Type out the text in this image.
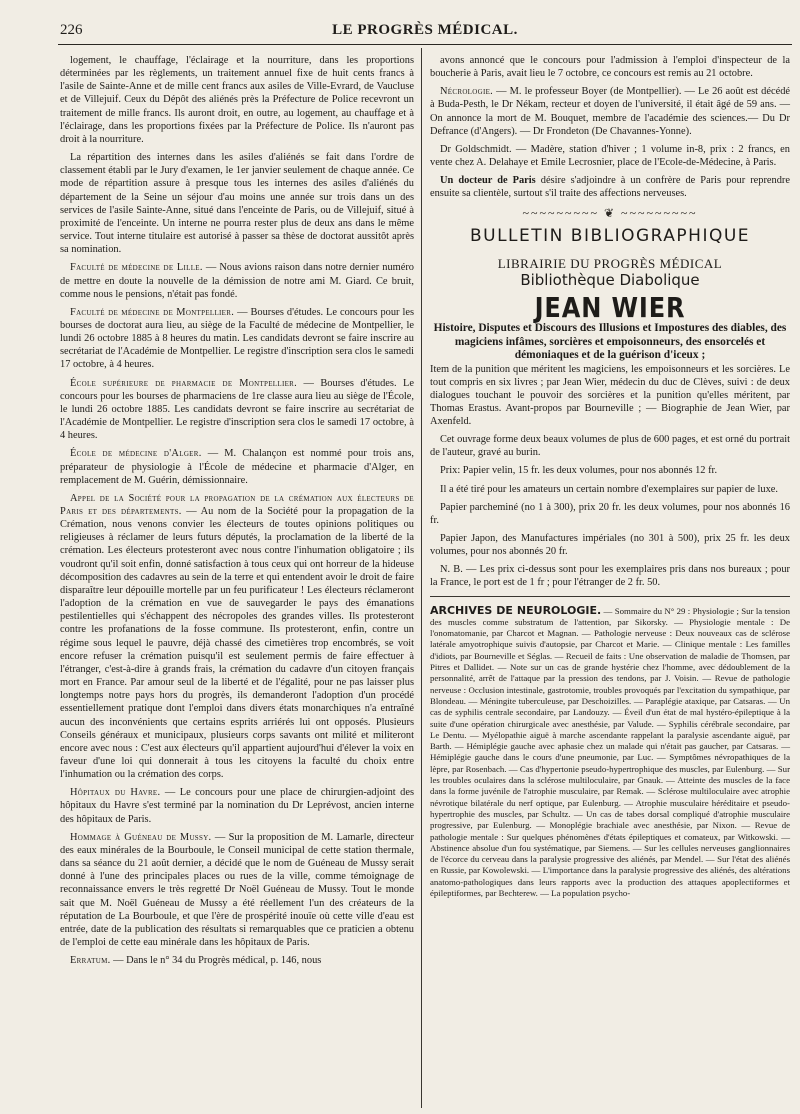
226	LE PROGRÈS MÉDICAL.

logement, le chauffage, l'éclairage et la nourriture, dans les proportions déterminées par les règlements, un traitement annuel fixe de huit cents francs à l'asile de Sainte-Anne et de mille cent francs aux asiles de Ville-Evrard, de Vaucluse et de Villejuif. Ceux du Dépôt des aliénés près la Préfecture de Police recevront un traitement de mille francs. Ils auront droit, en outre, au logement, au chauffage et à l'éclairage, dans les proportions fixées par la Préfecture de Police. Ils n'auront pas droit à la nourriture.

La répartition des internes dans les asiles d'aliénés se fait dans l'ordre de classement établi par le Jury d'examen, le 1er janvier seulement de chaque année. Ce mode de répartition assure à presque tous les internes des asiles d'aliénés du département de la Seine un séjour d'au moins une année sur trois dans un des services de l'asile Sainte-Anne, situé dans l'enceinte de Paris, ou de Villejuif, situé à proximité de l'enceinte. Un interne ne pourra rester plus de deux ans dans le même service. Tout interne titulaire est autorisé à passer sa thèse de doctorat aussitôt après sa nomination.

Faculté de médecine de Lille. — Nous avions raison dans notre dernier numéro de mettre en doute la nouvelle de la démission de notre ami M. Giard. Ce bruit, comme nous le pensions, n'était pas fondé.

Faculté de médecine de Montpellier. — Bourses d'études. Le concours pour les bourses de doctorat aura lieu, au siège de la Faculté de médecine de Montpellier, le lundi 26 octobre 1885 à 8 heures du matin. Les candidats devront se faire inscrire au secrétariat de l'Académie de Montpellier. Le registre d'inscription sera clos le samedi 17 octobre, à 4 heures.

École supérieure de pharmacie de Montpellier. — Bourses d'études. Le concours pour les bourses de pharmaciens de 1re classe aura lieu au siège de l'École, le lundi 26 octobre 1885. Les candidats devront se faire inscrire au secrétariat de l'Académie de Montpellier. Le registre d'inscription sera clos le samedi 17 octobre, à 4 heures.

École de médecine d'Alger. — M. Chalançon est nommé pour trois ans, préparateur de physiologie à l'École de médecine et pharmacie d'Alger, en remplacement de M. Guérin, démissionnaire.

Appel de la Société pour la propagation de la crémation aux électeurs de Paris et des départements. — Au nom de la Société pour la propagation de la Crémation, nous venons convier les électeurs de toutes opinions politiques ou religieuses à réclamer de leurs futurs députés, la proclamation de la liberté de la crémation. Les électeurs protesteront avec nous contre l'inhumation obligatoire ; ils voudront qu'il soit enfin, donné satisfaction à tous ceux qui ont horreur de la hideuse décomposition des cadavres au sein de la terre et qui entendent avoir le droit de faire disparaître leur dépouille mortelle par un feu purificateur ! Les électeurs réclameront l'adoption de la crémation en vue de sauvegarder le pays des émanations pestilentielles qui s'échappent des nécropoles des grandes villes. Ils protesteront contre les profanations de la fosse commune. Ils protesteront, enfin, contre un régime sous lequel le pauvre, déjà chassé des cimetières trop encombrés, se voit encore refuser la crémation puisqu'il est seulement permis de faire effectuer à l'étranger, c'est-à-dire à grands frais, la crémation du cadavre d'un citoyen français mort en France. Par amour seul de la liberté et de l'égalité, pour ne pas laisser plus longtemps notre pays hors du progrès, ils demanderont l'adoption d'un procédé essentiellement pratique dont l'emploi dans divers états monarchiques n'a entraîné aucun des inconvénients que certains esprits arriérés lui ont opposés. Plusieurs Conseils généraux et municipaux, plusieurs corps savants ont milité et militeront encore avec nous : C'est aux électeurs qu'il appartient aujourd'hui d'élever la voix en faveur d'une loi qui donnerait à tous les citoyens la faculté du choix entre l'inhumation ou la crémation des corps.

Hôpitaux du Havre. — Le concours pour une place de chirurgien-adjoint des hôpitaux du Havre s'est terminé par la nomination du Dr Leprévost, ancien interne des hôpitaux de Paris.

Hommage à Guéneau de Mussy. — Sur la proposition de M. Lamarle, directeur des eaux minérales de la Bourboule, le Conseil municipal de cette station thermale, dans sa séance du 21 août dernier, a décidé que le nom de Guéneau de Mussy serait donné à l'une des principales places ou rues de la ville, comme témoignage de reconnaissance envers le très regretté Dr Noël Guéneau de Mussy. Tout le monde sait que M. Noël Guéneau de Mussy a été réellement l'un des créateurs de la réputation de La Bourboule, et que l'ère de prospérité inouïe où cette ville d'eau est entrée, date de la publication des résultats si remarquables que ce praticien a obtenu de l'emploi de cette eau minérale dans les hôpitaux de Paris.

Erratum. — Dans le n° 34 du Progrès médical, p. 146, nous

avons annoncé que le concours pour l'admission à l'emploi d'inspecteur de la boucherie à Paris, avait lieu le 7 octobre, ce concours est remis au 21 octobre.

Nécrologie. — M. le professeur Boyer (de Montpellier). — Le 26 août est décédé à Buda-Pesth, le Dr Nékam, recteur et doyen de l'université, il était âgé de 59 ans. — On annonce la mort de M. Bouquet, membre de l'académie des sciences.— Du Dr Defrance (d'Angers). — Dr Frondeton (De Chavannes-Yonne).

Dr Goldschmidt. — Madère, station d'hiver ; 1 volume in-8, prix : 2 francs, en vente chez A. Delahaye et Emile Lecrosnier, place de l'Ecole-de-Médecine, à Paris.

Un docteur de Paris désire s'adjoindre à un confrère de Paris pour reprendre ensuite sa clientèle, surtout s'il traite des affections nerveuses.

~~~~~~~~~ ❦ ~~~~~~~~~
BULLETIN BIBLIOGRAPHIQUE
LIBRAIRIE DU PROGRÈS MÉDICAL
Bibliothèque Diabolique
JEAN WIER
Histoire, Disputes et Discours des Illusions et Impostures des diables, des magiciens infâmes, sorcières et empoisonneurs, des ensorcelés et démoniaques et de la guérison d'iceux ;
Item de la punition que méritent les magiciens, les empoisonneurs et les sorcières. Le tout compris en six livres ; par Jean Wier, médecin du duc de Clèves, suivi : de deux dialogues touchant le pouvoir des sorcières et la punition qu'elles méritent, par Thomas Erastus. Avant-propos par Bourneville ; — Biographie de Jean Wier, par Axenfeld.

Cet ouvrage forme deux beaux volumes de plus de 600 pages, et est orné du portrait de l'auteur, gravé au burin.

Prix: Papier velin, 15 fr. les deux volumes, pour nos abonnés 12 fr.

Il a été tiré pour les amateurs un certain nombre d'exemplaires sur papier de luxe.

Papier parcheminé (no 1 à 300), prix 20 fr. les deux volumes, pour nos abonnés 16 fr.

Papier Japon, des Manufactures impériales (no 301 à 500), prix 25 fr. les deux volumes, pour nos abonnés 20 fr.

N. B. — Les prix ci-dessus sont pour les exemplaires pris dans nos bureaux ; pour la France, le port est de 1 fr ; pour l'étranger de 2 fr. 50.

ARCHIVES DE NEUROLOGIE. — Sommaire du N° 29 : Physiologie ; Sur la tension des muscles comme substratum de l'attention, par Sikorsky. — Physiologie mentale : De l'onomatomanie, par Charcot et Magnan. — Pathologie nerveuse : Deux nouveaux cas de sclérose latérale amyotrophique suivis d'autopsie, par Charcot et Marie. — Clinique mentale : Les familles d'idiots, par Bourneville et Séglas. — Recueil de faits : Une observation de maladie de Thomsen, par Pitres et Dallidet. — Note sur un cas de grande hystérie chez l'homme, avec dédoublement de la personnalité, arrêt de l'attaque par la pression des tendons, par J. Voisin. — Revue de pathologie nerveuse : Occlusion intestinale, gastrotomie, troubles provoqués par l'excitation du sympathique, par Blondeau. — Méningite tuberculeuse, par Deschoizilles. — Paraplégie ataxique, par Catsaras. — Un cas de syphilis centrale secondaire, par Landouzy. — Éveil d'un état de mal hystéro-épileptique à la suite d'une opération chirurgicale avec anesthésie, par Valude. — Syphilis cérébrale secondaire, par Le Dentu. — Myélopathie aiguë à marche ascendante rappelant la paralysie ascendante aiguë, par Barth. — Hémiplégie gauche avec aphasie chez un malade qui n'était pas gaucher, par Catsaras. — Hémiplégie gauche dans le cours d'une pneumonie, par Luc. — Symptômes névropathiques de la lèpre, par Rosenbach. — Cas d'hypertonie pseudo-hypertrophique des muscles, par Eulenburg. — Sur les troubles oculaires dans la sclérose multiloculaire, par Gnauk. — Atteinte des muscles de la face dans la forme juvénile de l'atrophie musculaire, par Remak. — Sclérose multiloculaire avec atrophie névrotique bilatérale du nerf optique, par Eulenburg. — Atrophie musculaire héréditaire et pseudo-hypertrophie des muscles, par Schultz. — Un cas de tabes dorsal compliqué d'atrophie musculaire progressive, par Eulenburg. — Monoplégie brachiale avec anesthésie, par Nixon. — Revue de pathologie mentale : Sur quelques phénomènes d'états épileptiques et comateux, par Witkowski. — Abstinence absolue d'un fou systématique, par Siemens. — Sur les cellules nerveuses ganglionnaires de l'écorce du cerveau dans la paralysie progressive des aliénés, par Mendel. — Sur l'état des aliénés en Russie, par Kowolewski. — L'importance dans la paralysie progressive des aliénés, des altérations anatomo-pathologiques dans leurs rapports avec la production des attaques apoplectiformes et épileptiformes, par Bechterew. — La population psycho-
